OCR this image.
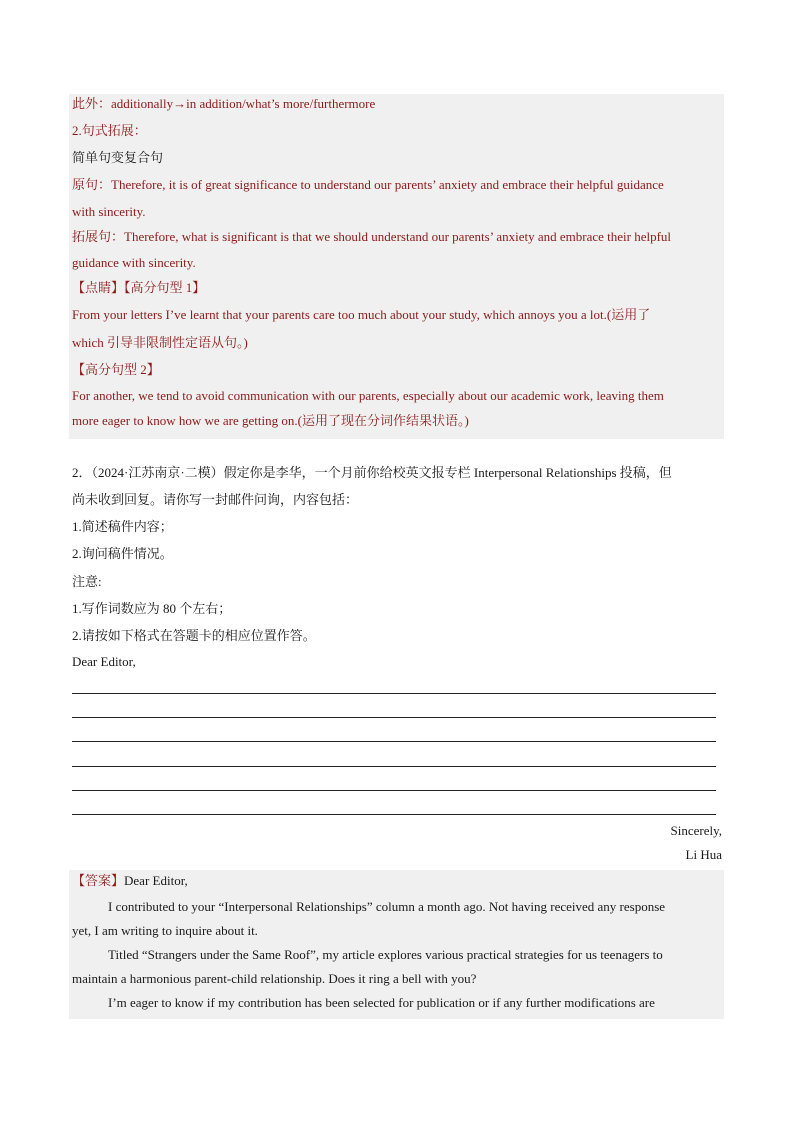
此外：additionally→in addition/what’s more/furthermore
2.句式拓展：
简单句变复合句
原句：Therefore, it is of great significance to understand our parents’ anxiety and embrace their helpful guidance
with sincerity.
拓展句：Therefore, what is significant is that we should understand our parents’ anxiety and embrace their helpful
guidance with sincerity.
【点睛】【高分句型 1】
From your letters I’ve learnt that your parents care too much about your study, which annoys you a lot.(运用了
which 引导非限制性定语从句。)
【高分句型 2】
For another, we tend to avoid communication with our parents, especially about our academic work, leaving them
more eager to know how we are getting on.(运用了现在分词作结果状语。)
2．（2024·江苏南京·二模）假定你是李华，一个月前你给校英文报专栏 Interpersonal Relationships 投稿，但
尚未收到回复。请你写一封邮件问询，内容包括：
1.简述稿件内容；
2.询问稿件情况。
注意:
1.写作词数应为 80 个左右；
2.请按如下格式在答题卡的相应位置作答。
Dear Editor,
Sincerely,
Li Hua
【答案】Dear Editor,
I contributed to your “Interpersonal Relationships” column a month ago. Not having received any response
yet, I am writing to inquire about it.
Titled “Strangers under the Same Roof”, my article explores various practical strategies for us teenagers to
maintain a harmonious parent-child relationship. Does it ring a bell with you?
I’m eager to know if my contribution has been selected for publication or if any further modifications are
